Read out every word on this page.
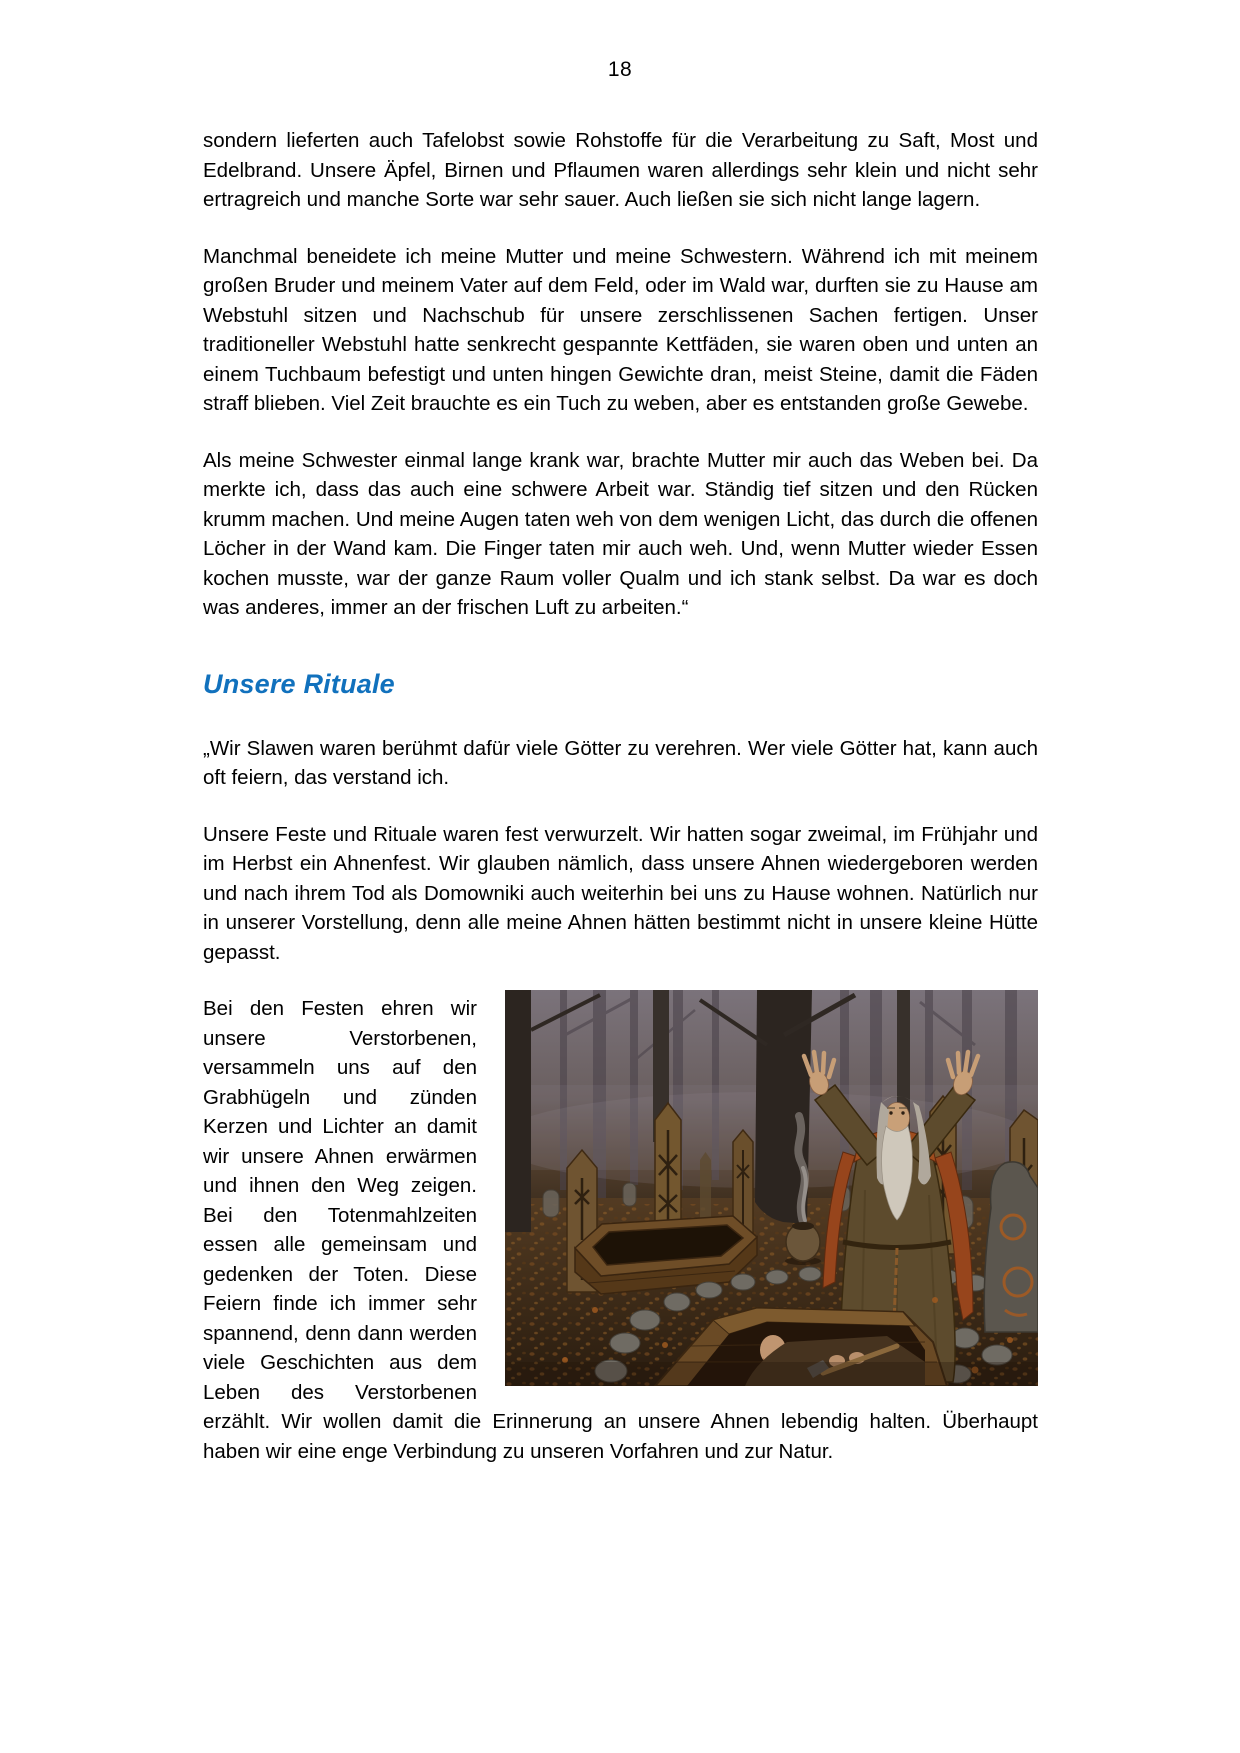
18

sondern lieferten auch Tafelobst sowie Rohstoffe für die Verarbeitung zu Saft, Most und Edelbrand. Unsere Äpfel, Birnen und Pflaumen waren allerdings sehr klein und nicht sehr ertragreich und manche Sorte war sehr sauer. Auch ließen sie sich nicht lange lagern.

Manchmal beneidete ich meine Mutter und meine Schwestern. Während ich mit meinem großen Bruder und meinem Vater auf dem Feld, oder im Wald war, durften sie zu Hause am Webstuhl sitzen und Nachschub für unsere zerschlissenen Sachen fertigen. Unser traditioneller Webstuhl hatte senkrecht gespannte Kettfäden, sie waren oben und unten an einem Tuchbaum befestigt und unten hingen Gewichte dran, meist Steine, damit die Fäden straff blieben. Viel Zeit brauchte es ein Tuch zu weben, aber es entstanden große Gewebe.

Als meine Schwester einmal lange krank war, brachte Mutter mir auch das Weben bei. Da merkte ich, dass das auch eine schwere Arbeit war. Ständig tief sitzen und den Rücken krumm machen. Und meine Augen taten weh von dem wenigen Licht, das durch die offenen Löcher in der Wand kam. Die Finger taten mir auch weh. Und, wenn Mutter wieder Essen kochen musste, war der ganze Raum voller Qualm und ich stank selbst. Da war es doch was anderes, immer an der frischen Luft zu arbeiten.“

Unsere Rituale

„Wir Slawen waren berühmt dafür viele Götter zu verehren. Wer viele Götter hat, kann auch oft feiern, das verstand ich.

Unsere Feste und Rituale waren fest verwurzelt. Wir hatten sogar zweimal, im Frühjahr und im Herbst ein Ahnenfest. Wir glauben nämlich, dass unsere Ahnen wiedergeboren werden und nach ihrem Tod als Domowniki auch weiterhin bei uns zu Hause wohnen. Natürlich nur in unserer Vorstellung, denn alle meine Ahnen hätten bestimmt nicht in unsere kleine Hütte gepasst.

Bei den Festen ehren wir unsere Verstorbenen, versammeln uns auf den Grabhügeln und zünden Kerzen und Lichter an damit wir unsere Ahnen erwärmen und ihnen den Weg zeigen. Bei den Totenmahlzeiten essen alle gemeinsam und gedenken der Toten. Diese Feiern finde ich immer sehr spannend, denn dann werden viele Geschichten aus dem Leben des Verstorbenen erzählt. Wir wollen damit die Erinnerung an unsere Ahnen lebendig halten. Überhaupt haben wir eine enge Verbindung zu unseren Vorfahren und zur Natur.
